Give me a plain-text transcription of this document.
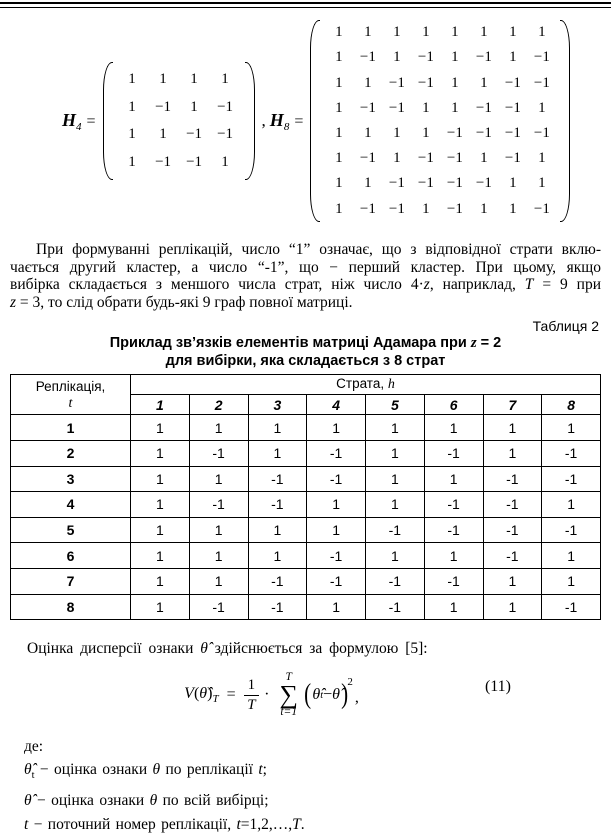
$H_4$ =
1	1	1	1
1	−1	1	−1
1	1	−1	−1
1	−1	−1	1
, $H_8$ =
1	1	1	1	1	1	1	1
1	−1	1	−1	1	−1	1	−1
1	1	−1 −1	1	1	−1 −1
1	−1 −1	1	1	−1 −1	1
1	1	1	1	−1 −1 −1 −1
1	−1	1	−1 −1	1	−1	1
1	1	−1 −1 −1 −1	1	1
1	−1 −1	1	−1	1	1	−1
При формуванні реплікацій, число “1” означає, що з відповідної страти вклю-
чається другий кластер, а число “-1”, що − перший кластер. При цьому, якщо
вибірка складається з меншого числа страт, ніж число 4·z, наприклад, T = 9 при
z = 3, то слід обрати будь-які 9 граф повної матриці.
Таблиця 2
Приклад зв’язків елементів матриці Адамара при z = 2
для вибірки, яка складається з 8 страт
Реплікація,
t	Страта, h							
	1	2	3	4	5	6	7	8
1	1	1	1	1	1	1	1	1
2	1	-1	1	-1	1	-1	1	-1
3	1	1	-1	-1	1	1	-1	-1
4	1	-1	-1	1	1	-1	-1	1
5	1	1	1	1	-1	-1	-1	-1
6	1	1	1	-1	1	1	-1	1
7	1	1	-1	-1	-1	-1	1	1
8	1	-1	-1	1	-1	1	1	-1
Оцінка дисперсії ознаки θ̂ здійснюється за формулою [5]:
$V(\thetâ)_T = \frac{1}{T}$ ·
T
∑
t=1
( θ̂ t − θ̂ ) 2
,
(11)
де:
$\thetâ_t$ − оцінка ознаки θ по реплікації t;
θ̂ − оцінка ознаки θ по всій вибірці;
t − поточний номер реплікації, t=1,2,…,T.
